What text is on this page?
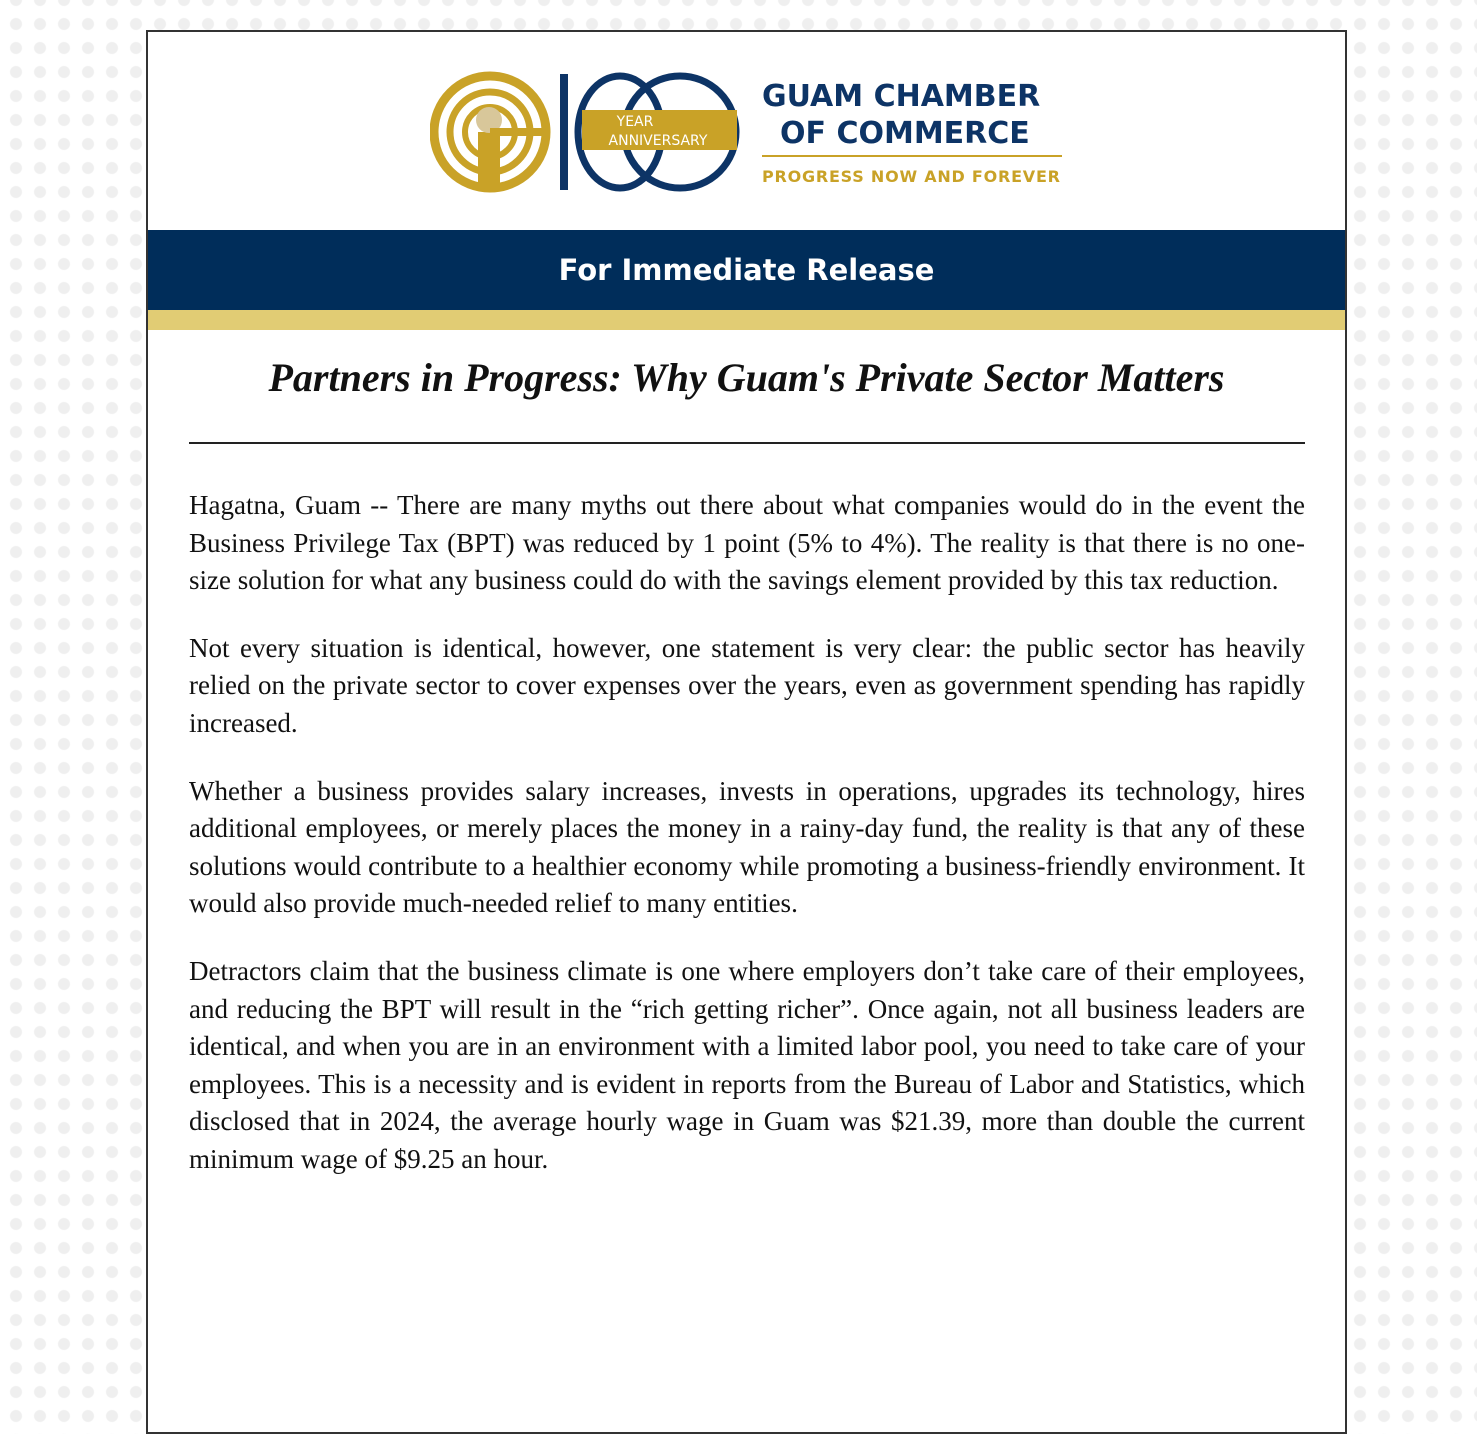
YEAR
ANNIVERSARY
GUAM CHAMBER
OF COMMERCE
PROGRESS NOW AND FOREVER
For Immediate Release
Partners in Progress: Why Guam's Private Sector Matters

Hagatna, Guam -- There are many myths out there about what companies would do in the event the Business Privilege Tax (BPT) was reduced by 1 point (5% to 4%). The reality is that there is no one-size solution for what any business could do with the savings element provided by this tax reduction.

Not every situation is identical, however, one statement is very clear: the public sector has heavily relied on the private sector to cover expenses over the years, even as government spending has rapidly increased.

Whether a business provides salary increases, invests in operations, upgrades its technology, hires additional employees, or merely places the money in a rainy-day fund, the reality is that any of these solutions would contribute to a healthier economy while promoting a business-friendly environment. It would also provide much-needed relief to many entities.

Detractors claim that the business climate is one where employers don’t take care of their employees, and reducing the BPT will result in the “rich getting richer”. Once again, not all business leaders are identical, and when you are in an environment with a limited labor pool, you need to take care of your employees. This is a necessity and is evident in reports from the Bureau of Labor and Statistics, which disclosed that in 2024, the average hourly wage in Guam was $21.39, more than double the current minimum wage of $9.25 an hour.
